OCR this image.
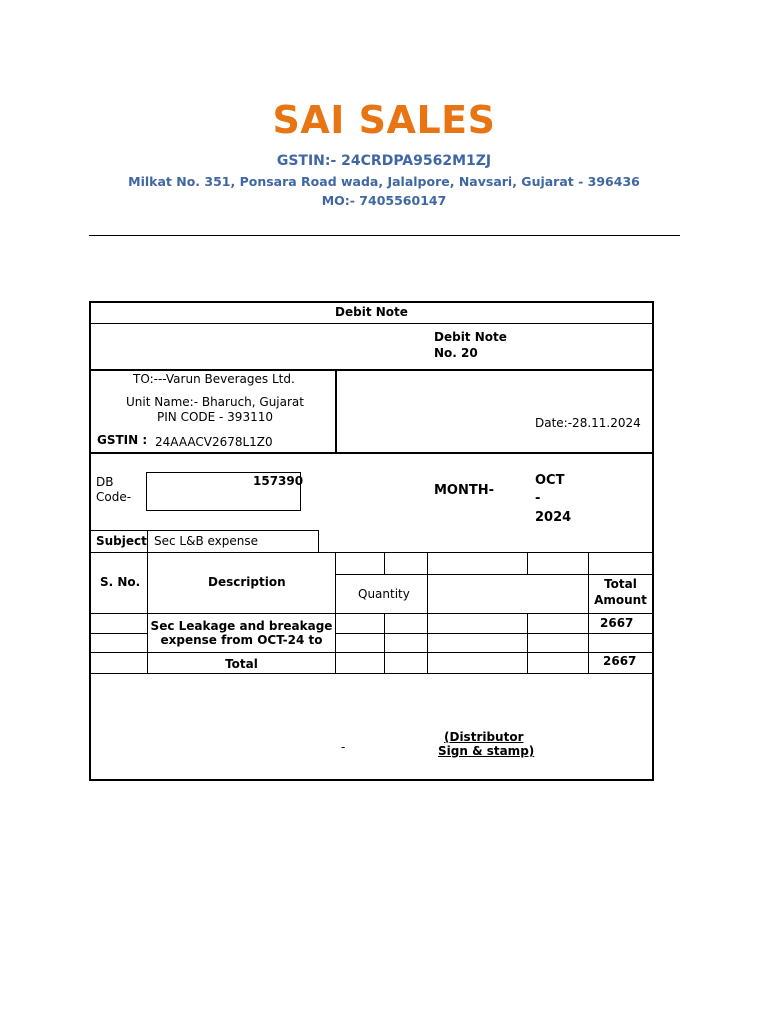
SAI SALES
GSTIN:- 24CRDPA9562M1ZJ
Milkat No. 351, Ponsara Road wada, Jalalpore, Navsari, Gujarat - 396436
MO:- 7405560147
Debit Note
Debit Note
No. 20
TO:---Varun Beverages Ltd.
Unit Name:- Bharuch, Gujarat
PIN CODE - 393110
GSTIN : 24AAACV2678L1Z0
Date:-28.11.2024
DB
Code-
157390
MONTH-
OCT
-
2024
Subject Sec L&B expense
S. No.	Description
Quantity
Total
Amount
Sec Leakage and breakage
expense from OCT-24 to
2667
Total	2667
-
(Distributor
Sign & stamp)
